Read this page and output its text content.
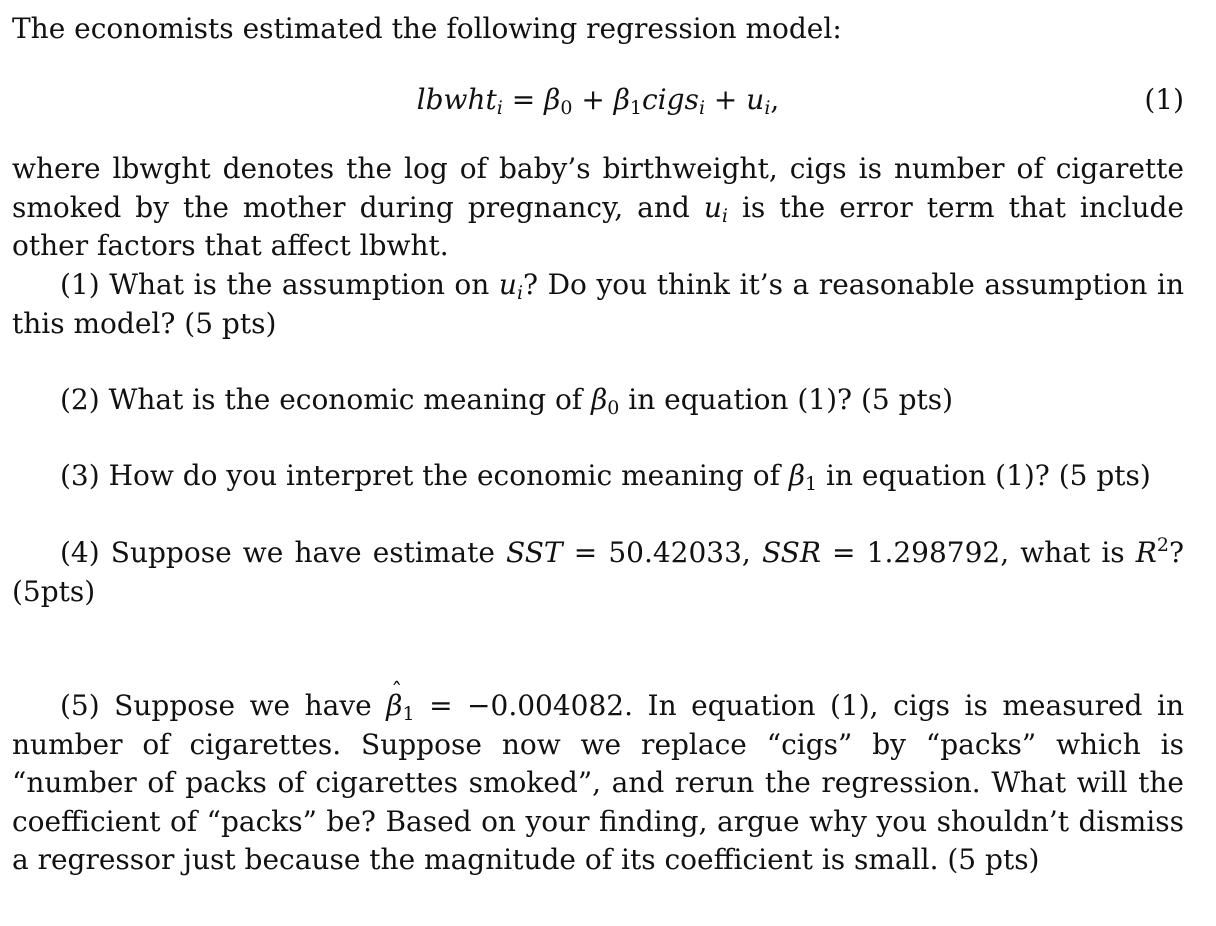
The economists estimated the following regression model:

lbwht$_i$ = $\beta_0$ + $\beta_1cigs_i + u_i$,	(1)

where lbwght denotes the log of baby’s birthweight, cigs is number of cigarette smoked by the mother during pregnancy, and $u_i$ is the error term that include other factors that affect lbwht.

(1) What is the assumption on $u_i$? Do you think it’s a reasonable assumption in this model? (5 pts)

(2) What is the economic meaning of $\beta_0$ in equation (1)? (5 pts)

(3) How do you interpret the economic meaning of $\beta_1$ in equation (1)? (5 pts)

(4) Suppose we have estimate SST = 50.42033, SSR = 1.298792, what is $R^2$? (5pts)

(5) Suppose we have ˆ $\beta_1 = -0.004082$. In equation (1), cigs is measured in number of cigarettes. Suppose now we replace “cigs” by “packs” which is “number of packs of cigarettes smoked”, and rerun the regression. What will the coefficient of “packs” be? Based on your finding, argue why you shouldn’t dismiss a regressor just because the magnitude of its coefficient is small. (5 pts)
